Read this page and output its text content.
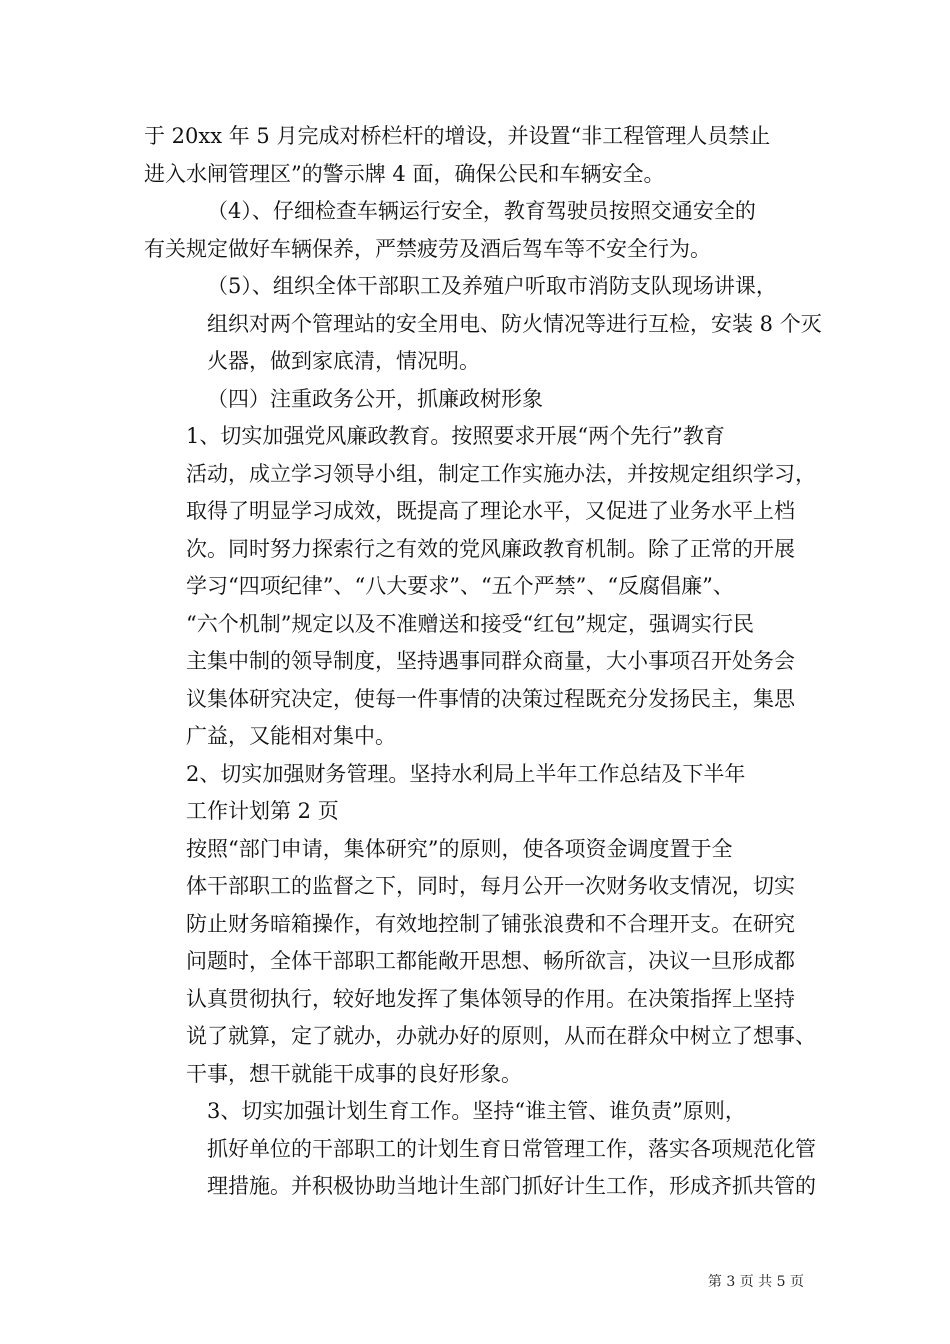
于 20xx 年 5 月完成对桥栏杆的增设，并设置“非工程管理人员禁止
进入水闸管理区”的警示牌 4 面，确保公民和车辆安全。

（4）、仔细检查车辆运行安全，教育驾驶员按照交通安全的
有关规定做好车辆保养，严禁疲劳及酒后驾车等不安全行为。

（5）、组织全体干部职工及养殖户听取市消防支队现场讲课，
组织对两个管理站的安全用电、防火情况等进行互检，安装 8 个灭
火器，做到家底清，情况明。

（四）注重政务公开，抓廉政树形象

1、切实加强党风廉政教育。按照要求开展“两个先行”教育
活动，成立学习领导小组，制定工作实施办法，并按规定组织学习，
取得了明显学习成效，既提高了理论水平，又促进了业务水平上档
次。同时努力探索行之有效的党风廉政教育机制。除了正常的开展
学习“四项纪律”、“八大要求”、“五个严禁”、“反腐倡廉”、
“六个机制”规定以及不准赠送和接受“红包”规定，强调实行民
主集中制的领导制度，坚持遇事同群众商量，大小事项召开处务会
议集体研究决定，使每一件事情的决策过程既充分发扬民主，集思
广益，又能相对集中。

2、切实加强财务管理。坚持水利局上半年工作总结及下半年
工作计划第 2 页

按照“部门申请，集体研究”的原则，使各项资金调度置于全
体干部职工的监督之下，同时，每月公开一次财务收支情况，切实
防止财务暗箱操作，有效地控制了铺张浪费和不合理开支。在研究
问题时，全体干部职工都能敞开思想、畅所欲言，决议一旦形成都
认真贯彻执行，较好地发挥了集体领导的作用。在决策指挥上坚持
说了就算，定了就办，办就办好的原则，从而在群众中树立了想事、
干事，想干就能干成事的良好形象。

3、切实加强计划生育工作。坚持“谁主管、谁负责”原则，
抓好单位的干部职工的计划生育日常管理工作，落实各项规范化管
理措施。并积极协助当地计生部门抓好计生工作，形成齐抓共管的

第 3 页 共 5 页
